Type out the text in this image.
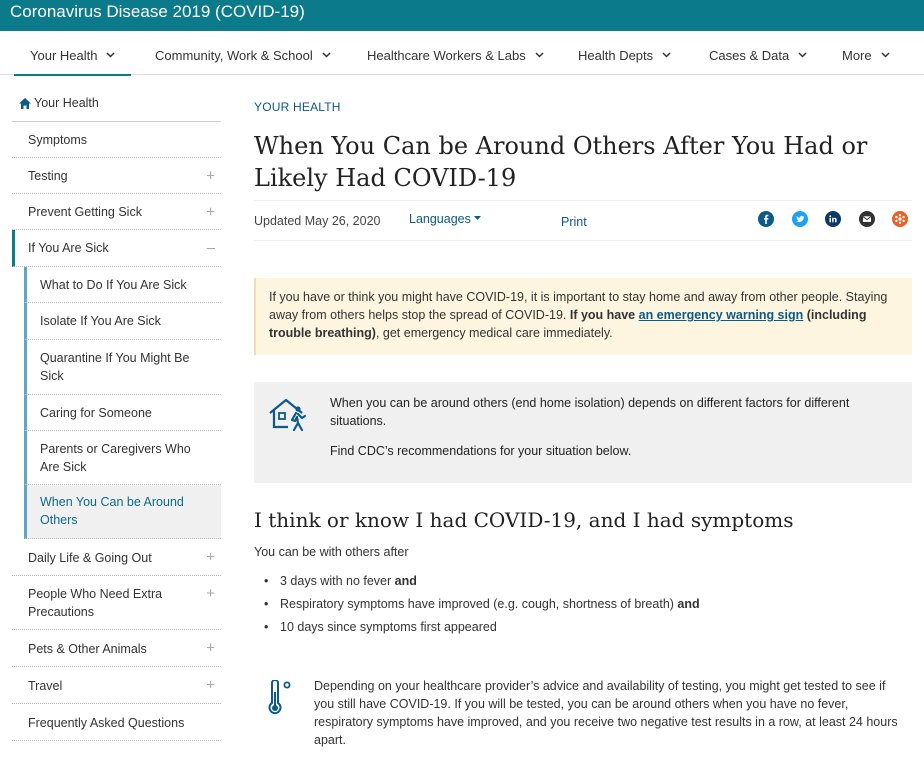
Coronavirus Disease 2019 (COVID-19)
Your Health	Community, Work & School	Healthcare Workers & Labs	Health Depts	Cases & Data	More
Your Health
Symptoms
Testing	+
Prevent Getting Sick	+
If You Are Sick	–
What to Do If You Are Sick
Isolate If You Are Sick
Quarantine If You Might Be Sick
Caring for Someone
Parents or Caregivers Who Are Sick
When You Can be Around Others
Daily Life & Going Out	+
People Who Need Extra Precautions
+
Pets & Other Animals	+
Travel	+
Frequently Asked Questions
YOUR HEALTH
When You Can be Around Others After You Had or Likely Had COVID-19
Updated May 26, 2020 Languages	Print

If you have or think you might have COVID-19, it is important to stay home and away from other people. Staying away from others helps stop the spread of COVID-19. If you have an emergency warning sign (including trouble breathing), get emergency medical care immediately.

When you can be around others (end home isolation) depends on different factors for different situations.

Find CDC’s recommendations for your situation below.

I think or know I had COVID-19, and I had symptoms
You can be with others after
3 days with no fever and
Respiratory symptoms have improved (e.g. cough, shortness of breath) and
10 days since symptoms first appeared

Depending on your healthcare provider’s advice and availability of testing, you might get tested to see if you still have COVID-19. If you will be tested, you can be around others when you have no fever, respiratory symptoms have improved, and you receive two negative test results in a row, at least 24 hours apart.
